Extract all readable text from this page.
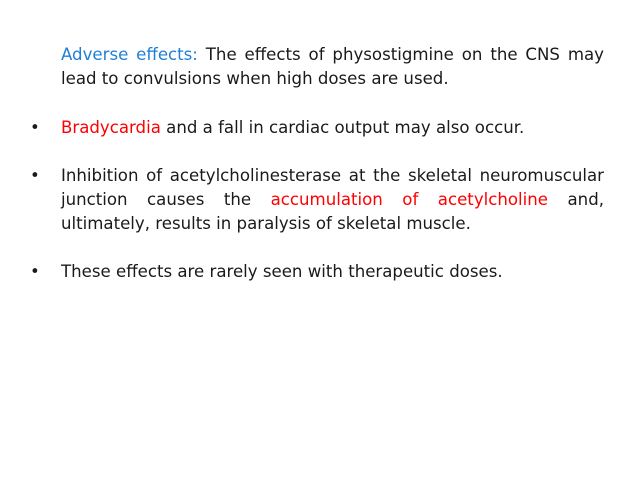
Adverse effects: The effects of physostigmine on the CNS may lead to convulsions when high doses are used.
•	Bradycardia and a fall in cardiac output may also occur.
•	Inhibition of acetylcholinesterase at the skeletal neuromuscular junction causes the accumulation of acetylcholine and, ultimately, results in paralysis of skeletal muscle.
•	These effects are rarely seen with therapeutic doses.
